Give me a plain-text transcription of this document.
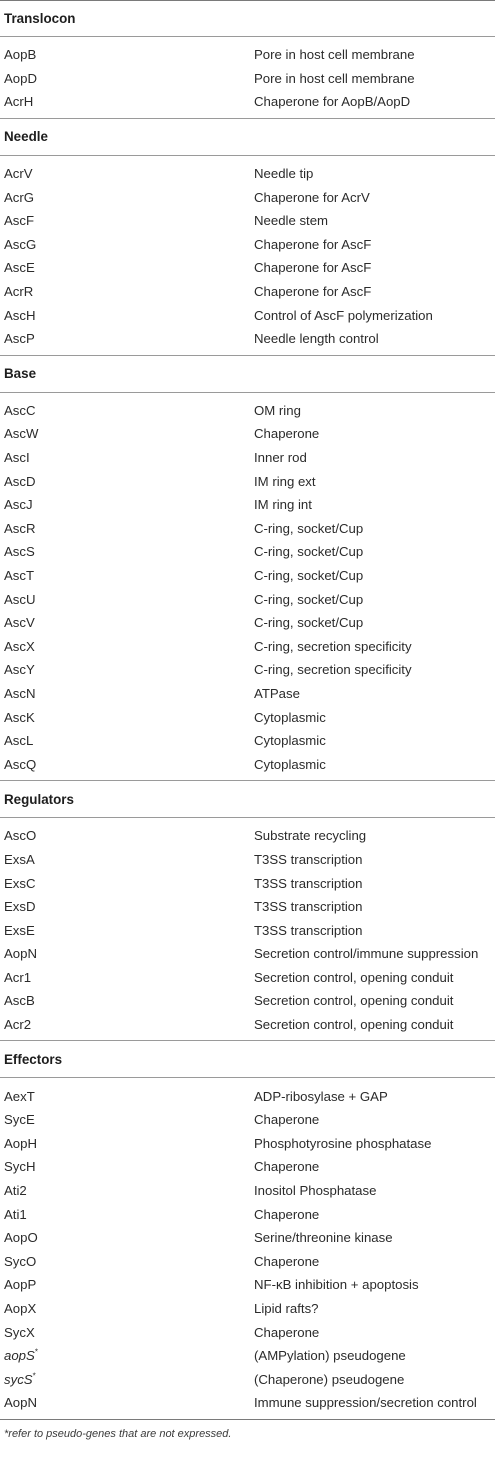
Translocon
AopB	Pore in host cell membrane
AopD	Pore in host cell membrane
AcrH	Chaperone for AopB/AopD
Needle
AcrV	Needle tip
AcrG	Chaperone for AcrV
AscF	Needle stem
AscG	Chaperone for AscF
AscE	Chaperone for AscF
AcrR	Chaperone for AscF
AscH	Control of AscF polymerization
AscP	Needle length control
Base
AscC	OM ring
AscW	Chaperone
AscI	Inner rod
AscD	IM ring ext
AscJ	IM ring int
AscR	C-ring, socket/Cup
AscS	C-ring, socket/Cup
AscT	C-ring, socket/Cup
AscU	C-ring, socket/Cup
AscV	C-ring, socket/Cup
AscX	C-ring, secretion specificity
AscY	C-ring, secretion specificity
AscN	ATPase
AscK	Cytoplasmic
AscL	Cytoplasmic
AscQ	Cytoplasmic
Regulators
AscO	Substrate recycling
ExsA	T3SS transcription
ExsC	T3SS transcription
ExsD	T3SS transcription
ExsE	T3SS transcription
AopN	Secretion control/immune suppression
Acr1	Secretion control, opening conduit
AscB	Secretion control, opening conduit
Acr2	Secretion control, opening conduit
Effectors
AexT	ADP-ribosylase + GAP
SycE	Chaperone
AopH	Phosphotyrosine phosphatase
SycH	Chaperone
Ati2	Inositol Phosphatase
Ati1	Chaperone
AopO	Serine/threonine kinase
SycO	Chaperone
AopP	NF-κB inhibition + apoptosis
AopX	Lipid rafts?
SycX	Chaperone
aopS*	(AMPylation) pseudogene
sycS*	(Chaperone) pseudogene
AopN	Immune suppression/secretion control
*refer to pseudo-genes that are not expressed.
